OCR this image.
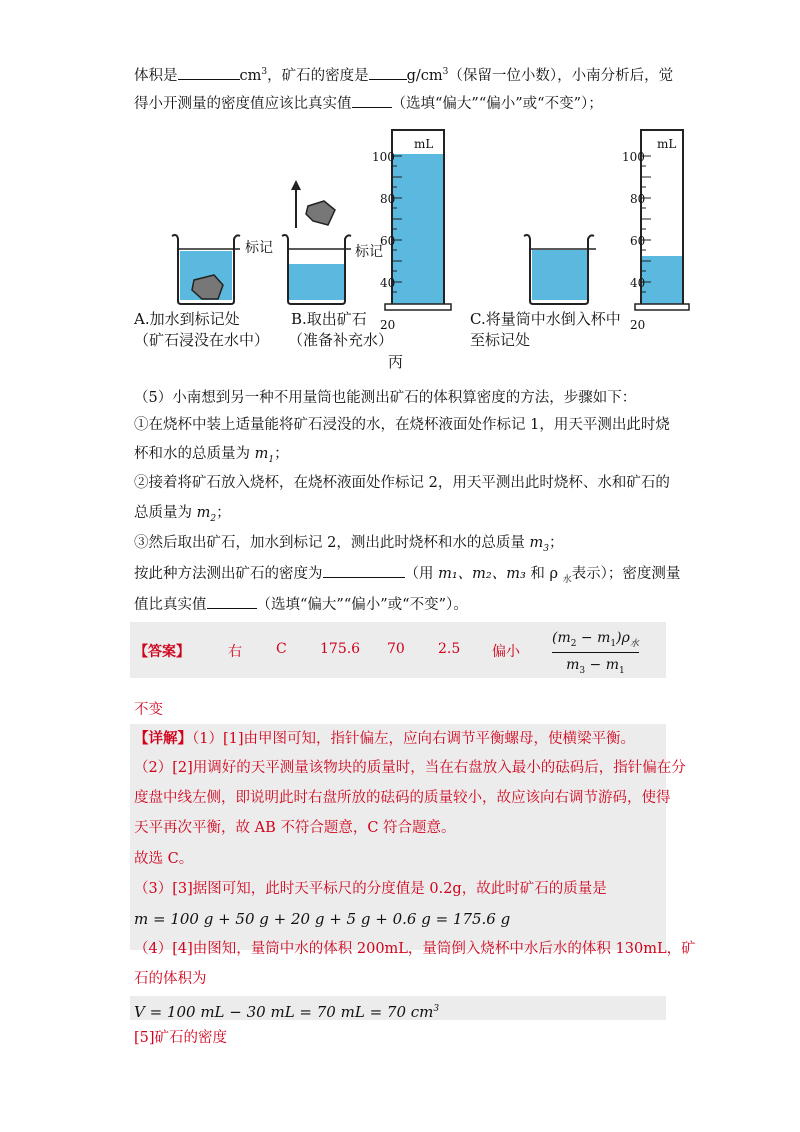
体积是	$cm^3$，矿石的密度是	$g/cm^3$（保留一位小数），小南分析后，觉
得小开测量的密度值应该比真实值	（选填“偏大”“偏小”或“不变”）；
标记	标记
mL	mL
100
80
60
40
20
100
80
60
40
20
A.加水到标记处
（矿石浸没在水中）
B.取出矿石
（准备补充水）
C.将量筒中水倒入杯中
至标记处
丙
（5）小南想到另一种不用量筒也能测出矿石的体积算密度的方法，步骤如下：
①在烧杯中装上适量能将矿石浸没的水，在烧杯液面处作标记 1，用天平测出此时烧
杯和水的总质量为 $m_1$；
②接着将矿石放入烧杯，在烧杯液面处作标记 2，用天平测出此时烧杯、水和矿石的
总质量为 $m_2$；
③然后取出矿石，加水到标记 2，测出此时烧杯和水的总质量 $m_3$；
按此种方法测出矿石的密度为	（用 m₁、m₂、m₃ 和 ρ $_水$表示）；密度测量
值比真实值	（选填“偏大”“偏小”或“不变”）。
【答案】	右 C 175.6 70 2.5 偏小
$(m_2 - m_1)\rho_水$
$m_3 - m_1$
不变
【详解】（1）[1]由甲图可知，指针偏左，应向右调节平衡螺母，使横梁平衡。
（2）[2]用调好的天平测量该物块的质量时，当在右盘放入最小的砝码后，指针偏在分
度盘中线左侧，即说明此时右盘所放的砝码的质量较小，故应该向右调节游码，使得
天平再次平衡，故 AB 不符合题意，C 符合题意。
故选 C。
（3）[3]据图可知，此时天平标尺的分度值是 0.2g，故此时矿石的质量是
m = 100 g + 50 g + 20 g + 5 g + 0.6 g = 175.6 g
（4）[4]由图知，量筒中水的体积 200mL，量筒倒入烧杯中水后水的体积 130mL，矿
石的体积为
V = 100 mL − 30 mL = 70 mL = 70 $cm^3$
[5]矿石的密度
